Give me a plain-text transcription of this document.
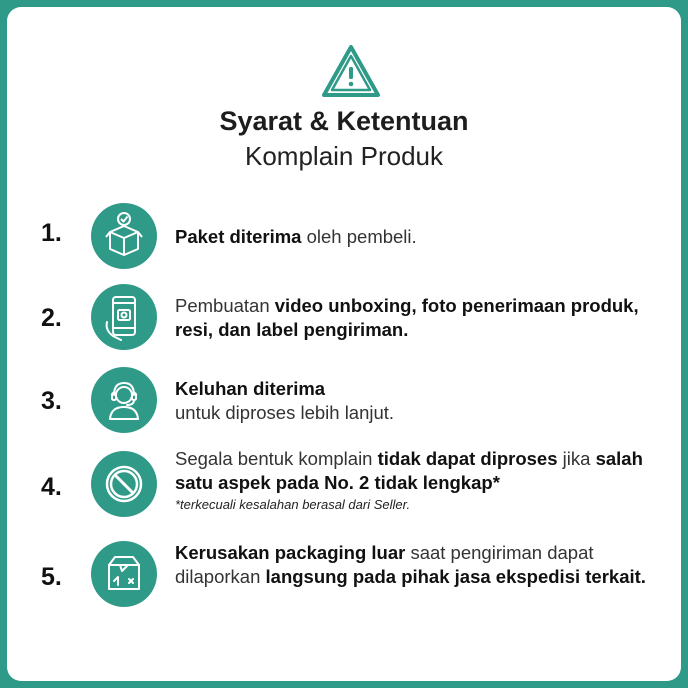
Syarat & Ketentuan
Komplain Produk
1.	Paket diterima oleh pembeli.
2.	Pembuatan video unboxing, foto penerimaan produk, resi, dan label pengiriman.
3.	Keluhan diterima
untuk diproses lebih lanjut.
4.
Segala bentuk komplain tidak dapat diproses jika salah satu aspek pada No. 2 tidak lengkap*
*terkecuali kesalahan berasal dari Seller.
5.
Kerusakan packaging luar saat pengiriman dapat dilaporkan langsung pada pihak jasa ekspedisi terkait.
